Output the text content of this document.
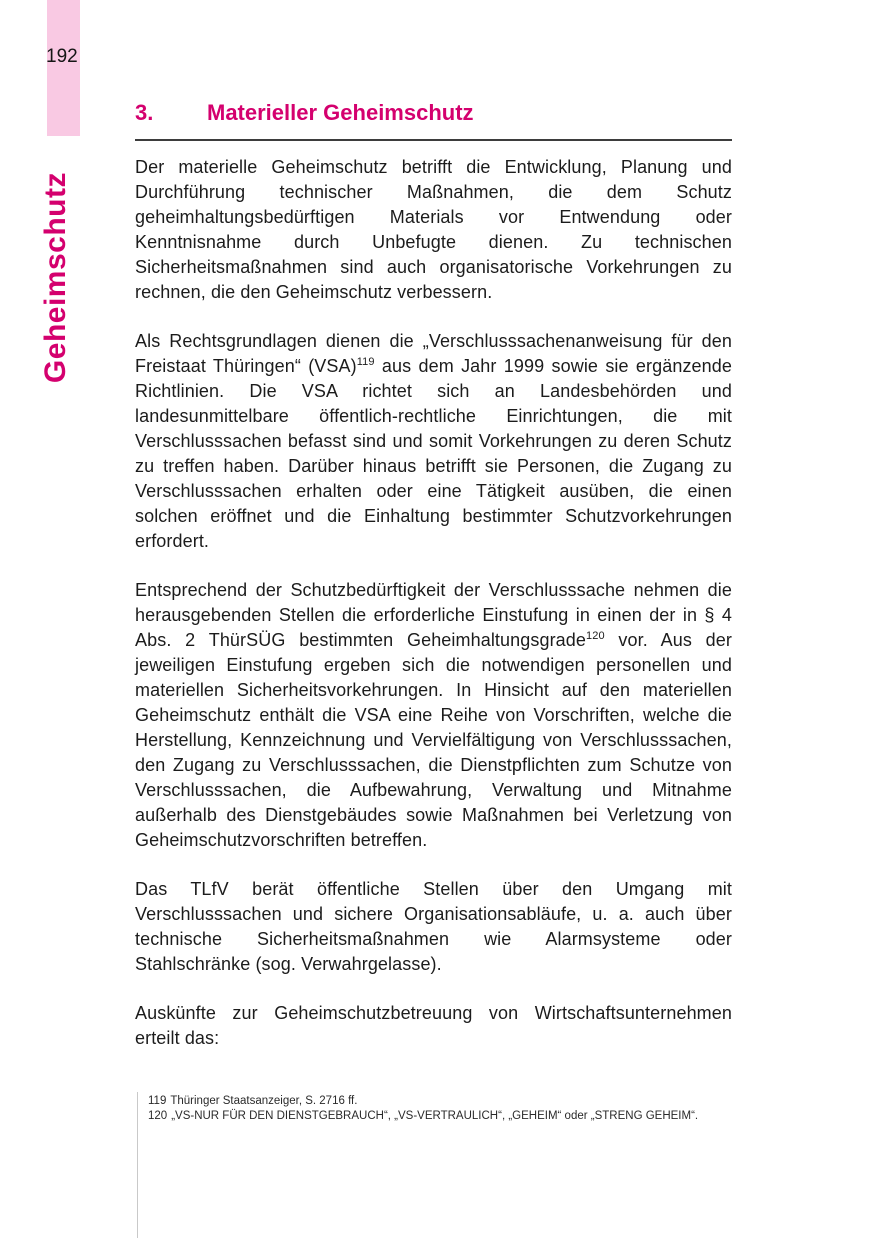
192
Geheimschutz
3. Materieller Geheimschutz

Der materielle Geheimschutz betrifft die Entwicklung, Planung und Durchführung technischer Maßnahmen, die dem Schutz geheimhaltungsbedürftigen Materials vor Entwendung oder Kenntnisnahme durch Unbefugte dienen. Zu technischen Sicherheitsmaßnahmen sind auch organisatorische Vorkehrungen zu rechnen, die den Geheimschutz verbessern.

Als Rechtsgrundlagen dienen die „Verschlusssachenanweisung für den Freistaat Thüringen“ (VSA)$^{119}$ aus dem Jahr 1999 sowie sie ergänzende Richtlinien. Die VSA richtet sich an Landesbehörden und landesunmittelbare öffentlich-rechtliche Einrichtungen, die mit Verschlusssachen befasst sind und somit Vorkehrungen zu deren Schutz zu treffen haben. Darüber hinaus betrifft sie Personen, die Zugang zu Verschlusssachen erhalten oder eine Tätigkeit ausüben, die einen solchen eröffnet und die Einhaltung bestimmter Schutzvorkehrungen erfordert.

Entsprechend der Schutzbedürftigkeit der Verschlusssache nehmen die herausgebenden Stellen die erforderliche Einstufung in einen der in § 4 Abs. 2 ThürSÜG bestimmten Geheimhaltungsgrade$^{120}$ vor. Aus der jeweiligen Einstufung ergeben sich die notwendigen personellen und materiellen Sicherheitsvorkehrungen. In Hinsicht auf den materiellen Geheimschutz enthält die VSA eine Reihe von Vorschriften, welche die Herstellung, Kennzeichnung und Vervielfältigung von Verschlusssachen, den Zugang zu Verschlusssachen, die Dienstpflichten zum Schutze von Verschlusssachen, die Aufbewahrung, Verwaltung und Mitnahme außerhalb des Dienstgebäudes sowie Maßnahmen bei Verletzung von Geheimschutzvorschriften betreffen.

Das TLfV berät öffentliche Stellen über den Umgang mit Verschlusssachen und sichere Organisationsabläufe, u. a. auch über technische Sicherheitsmaßnahmen wie Alarmsysteme oder Stahlschränke (sog. Verwahrgelasse).

Auskünfte zur Geheimschutzbetreuung von Wirtschaftsunternehmen erteilt das:

119 Thüringer Staatsanzeiger, S. 2716 ff.
120 „VS-NUR FÜR DEN DIENSTGEBRAUCH“, „VS-VERTRAULICH“, „GEHEIM“ oder „STRENG GEHEIM“.
